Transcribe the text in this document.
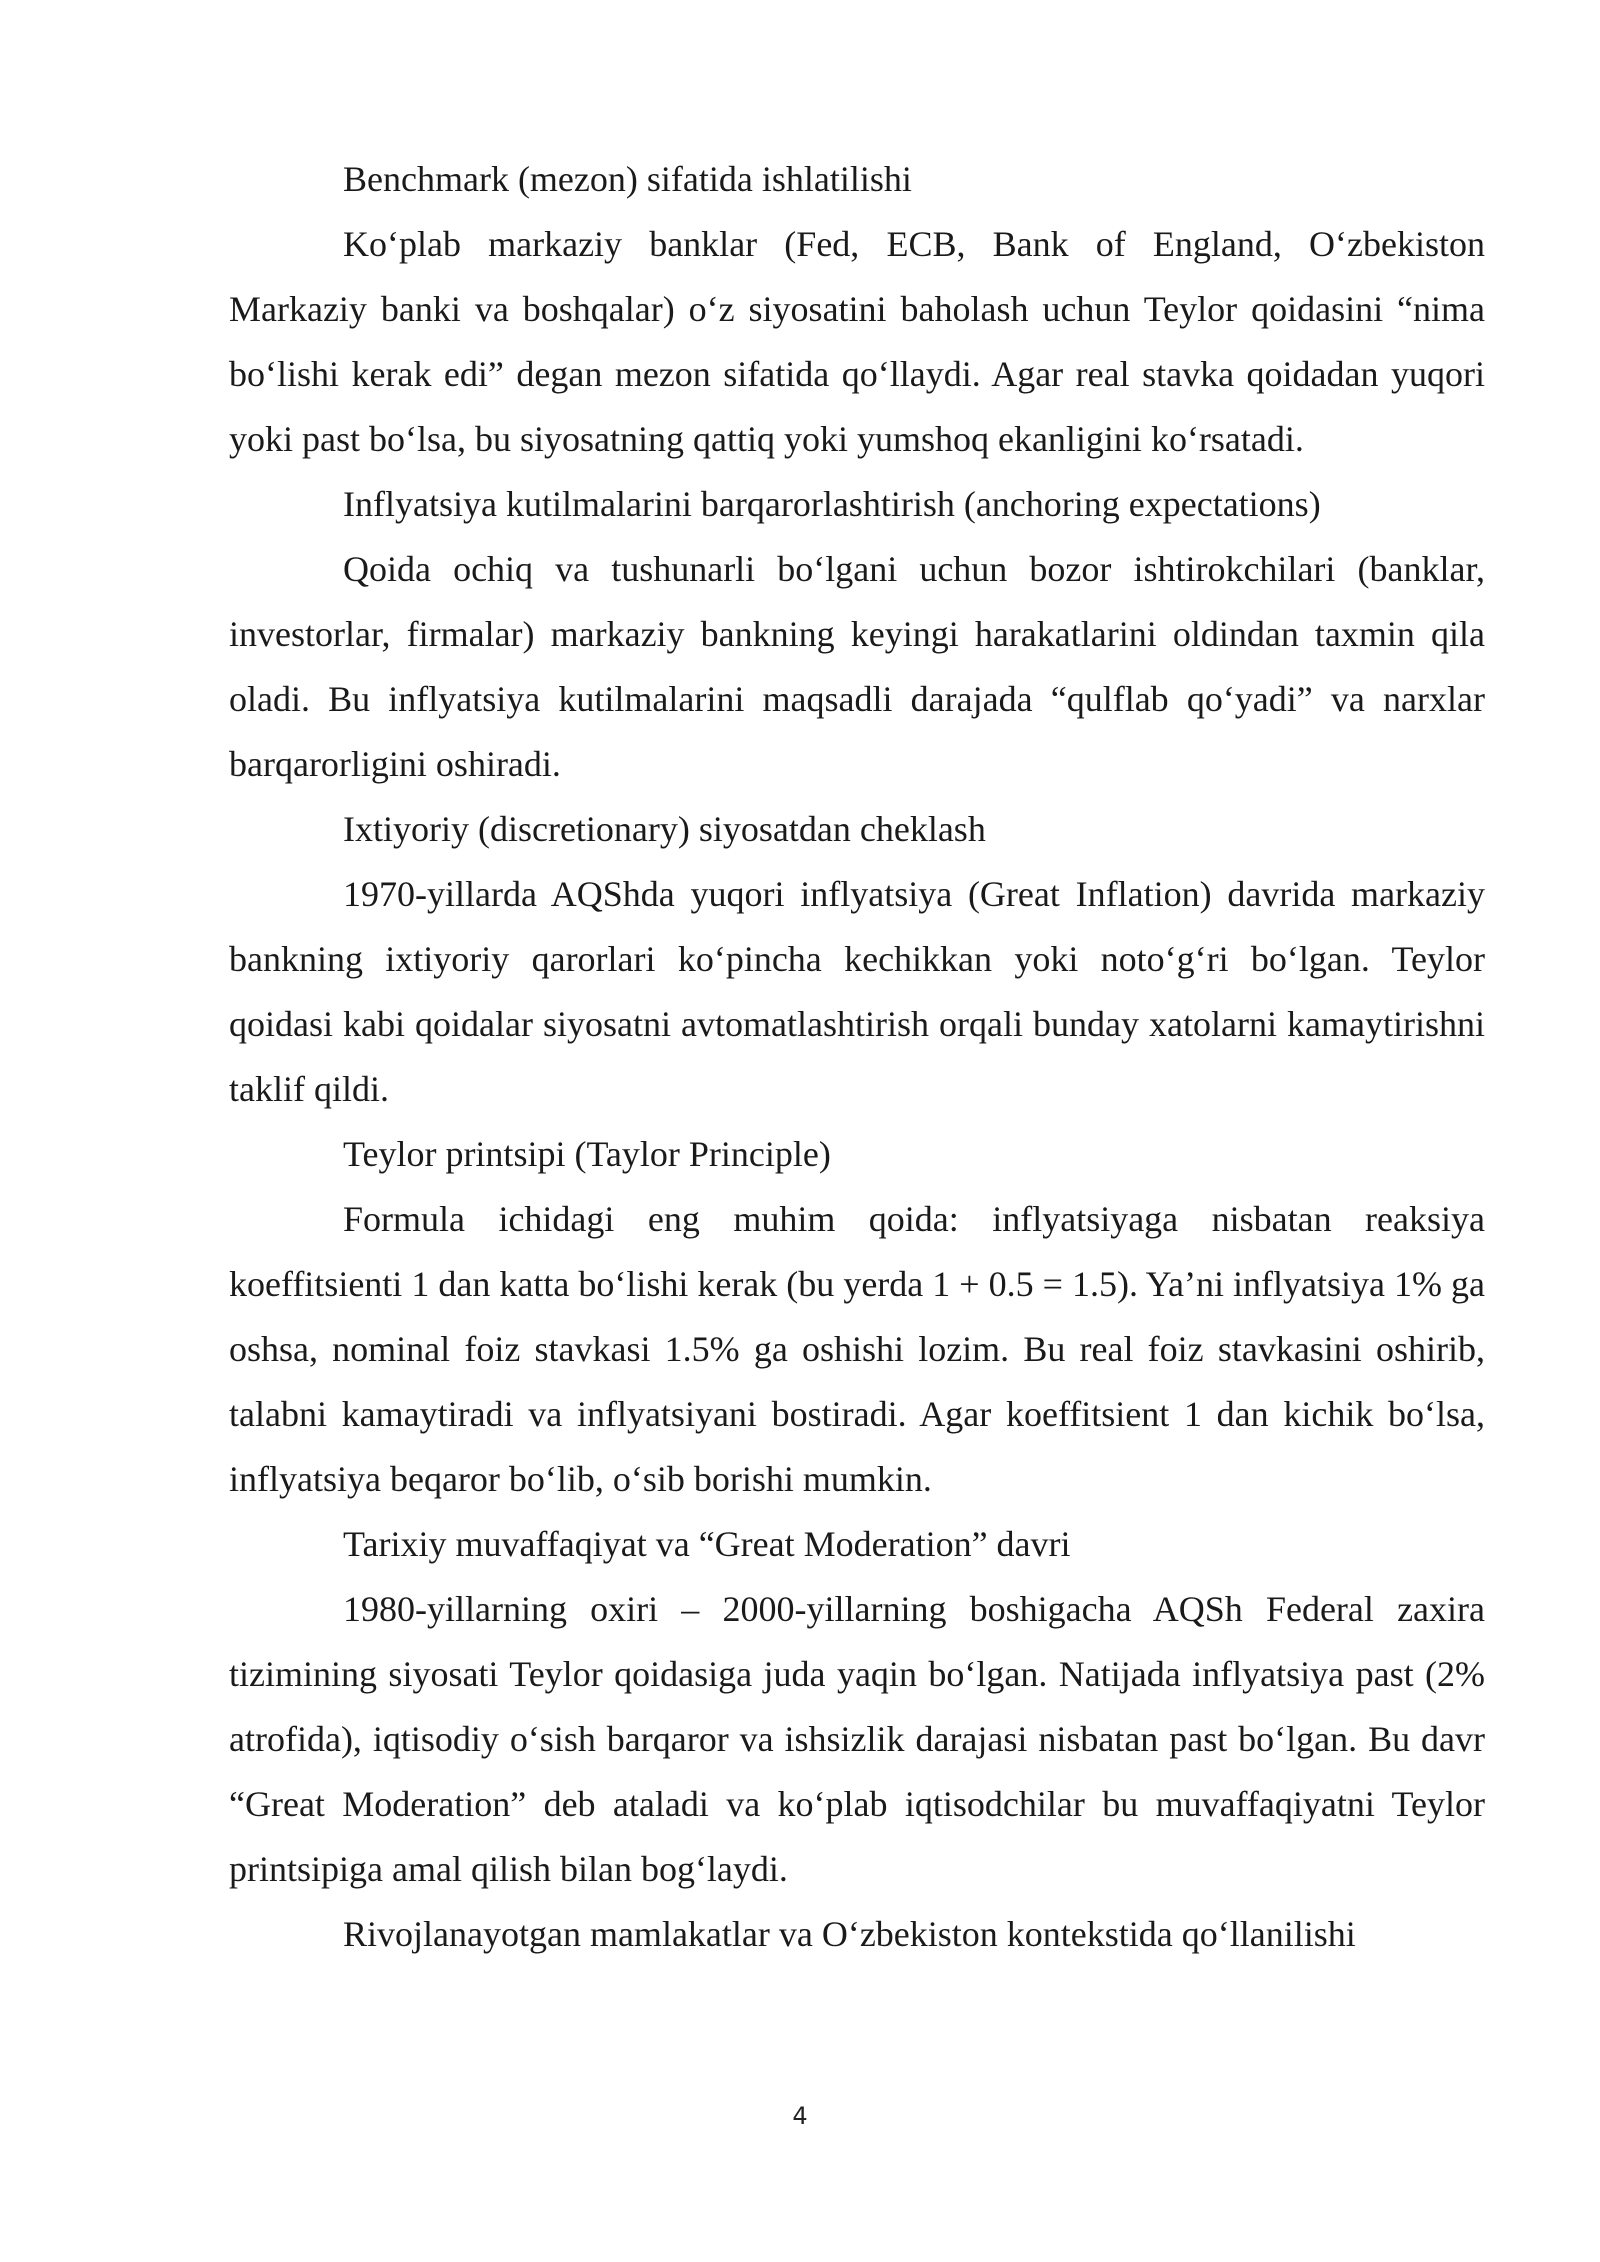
Benchmark (mezon) sifatida ishlatilishi

Ko‘plab markaziy banklar (Fed, ECB, Bank of England, O‘zbekiston Markaziy banki va boshqalar) o‘z siyosatini baholash uchun Teylor qoidasini “nima bo‘lishi kerak edi” degan mezon sifatida qo‘llaydi. Agar real stavka qoidadan yuqori yoki past bo‘lsa, bu siyosatning qattiq yoki yumshoq ekanligini ko‘rsatadi.

Inflyatsiya kutilmalarini barqarorlashtirish (anchoring expectations)

Qoida ochiq va tushunarli bo‘lgani uchun bozor ishtirokchilari (banklar, investorlar, firmalar) markaziy bankning keyingi harakatlarini oldindan taxmin qila oladi. Bu inflyatsiya kutilmalarini maqsadli darajada “qulflab qo‘yadi” va narxlar barqarorligini oshiradi.

Ixtiyoriy (discretionary) siyosatdan cheklash

1970-yillarda AQShda yuqori inflyatsiya (Great Inflation) davrida markaziy bankning ixtiyoriy qarorlari ko‘pincha kechikkan yoki noto‘g‘ri bo‘lgan. Teylor qoidasi kabi qoidalar siyosatni avtomatlashtirish orqali bunday xatolarni kamaytirishni taklif qildi.

Teylor printsipi (Taylor Principle)

Formula ichidagi eng muhim qoida: inflyatsiyaga nisbatan reaksiya koeffitsienti 1 dan katta bo‘lishi kerak (bu yerda 1 + 0.5 = 1.5). Ya’ni inflyatsiya 1% ga oshsa, nominal foiz stavkasi 1.5% ga oshishi lozim. Bu real foiz stavkasini oshirib, talabni kamaytiradi va inflyatsiyani bostiradi. Agar koeffitsient 1 dan kichik bo‘lsa, inflyatsiya beqaror bo‘lib, o‘sib borishi mumkin.

Tarixiy muvaffaqiyat va “Great Moderation” davri

1980-yillarning oxiri – 2000-yillarning boshigacha AQSh Federal zaxira tizimining siyosati Teylor qoidasiga juda yaqin bo‘lgan. Natijada inflyatsiya past (2% atrofida), iqtisodiy o‘sish barqaror va ishsizlik darajasi nisbatan past bo‘lgan. Bu davr “Great Moderation” deb ataladi va ko‘plab iqtisodchilar bu muvaffaqiyatni Teylor printsipiga amal qilish bilan bog‘laydi.

Rivojlanayotgan mamlakatlar va O‘zbekiston kontekstida qo‘llanilishi

4
